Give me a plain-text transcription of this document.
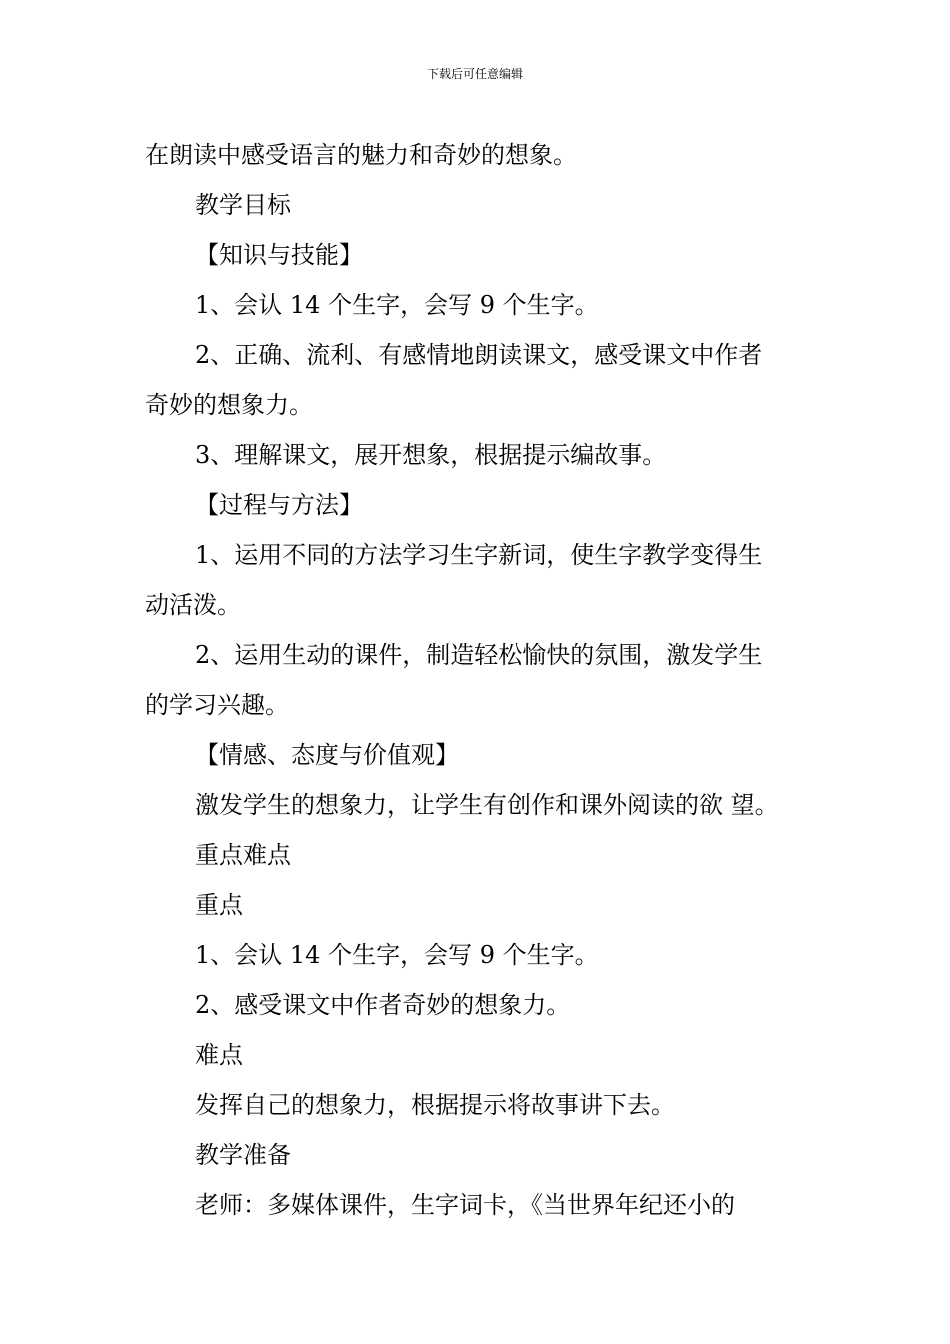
下载后可任意编辑
在朗读中感受语言的魅力和奇妙的想象。
教学目标
【知识与技能】
1、会认 14 个生字，会写 9 个生字。
2、正确、流利、有感情地朗读课文，感受课文中作者
奇妙的想象力。
3、理解课文，展开想象，根据提示编故事。
【过程与方法】
1、运用不同的方法学习生字新词，使生字教学变得生
动活泼。
2、运用生动的课件，制造轻松愉快的氛围，激发学生
的学习兴趣。
【情感、态度与价值观】
激发学生的想象力，让学生有创作和课外阅读的欲 望。
重点难点
重点
1、会认 14 个生字，会写 9 个生字。
2、感受课文中作者奇妙的想象力。
难点
发挥自己的想象力，根据提示将故事讲下去。
教学准备
老师：多媒体课件，生字词卡，《当世界年纪还小的
